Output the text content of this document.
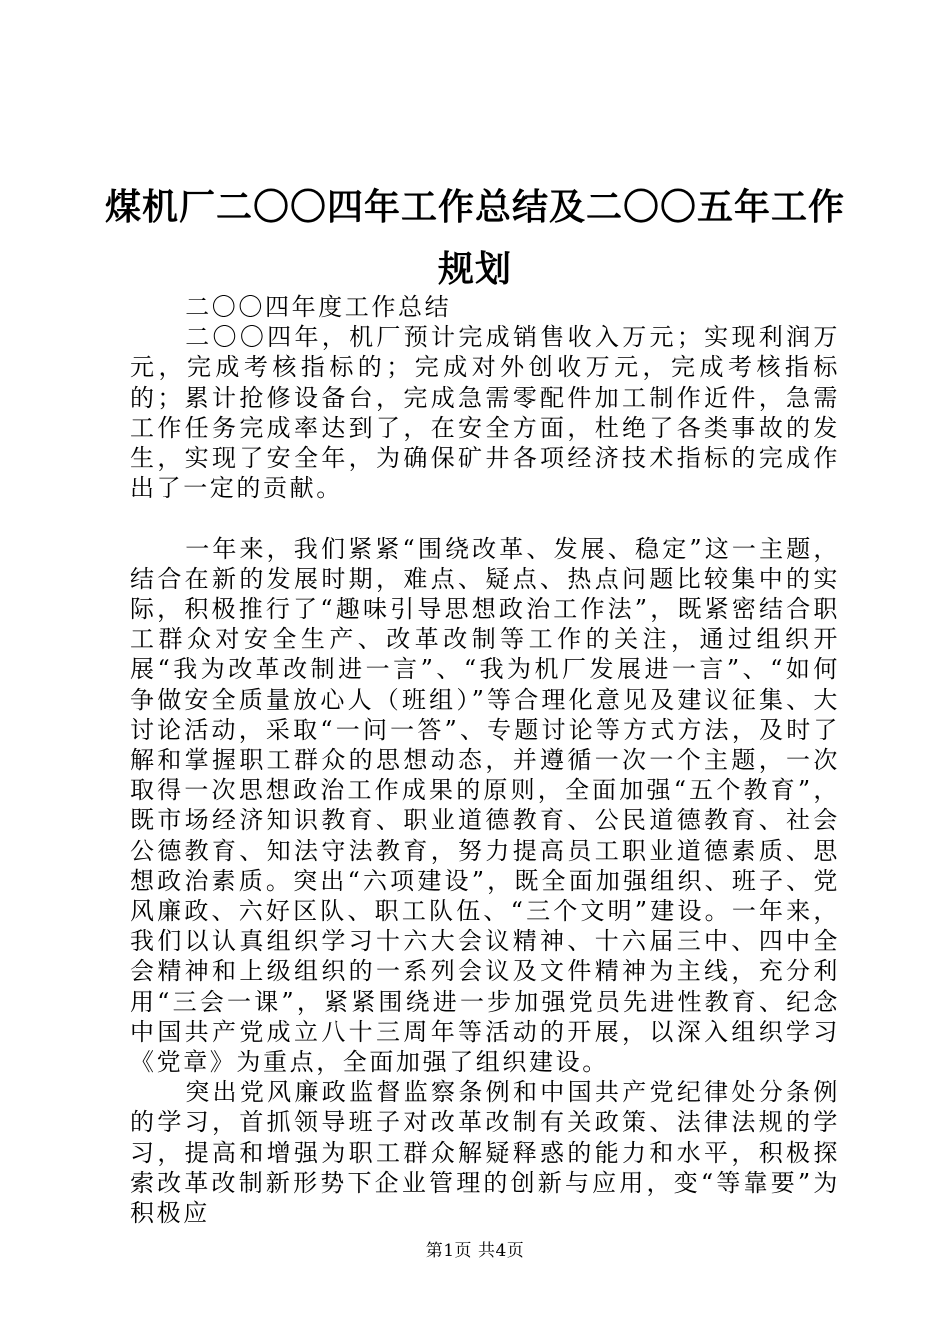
煤机厂二〇〇四年工作总结及二〇〇五年工作规划

二〇〇四年度工作总结

二〇〇四年，机厂预计完成销售收入万元；实现利润万元，完成考核指标的；完成对外创收万元，完成考核指标的；累计抢修设备台，完成急需零配件加工制作近件，急需工作任务完成率达到了，在安全方面，杜绝了各类事故的发生，实现了安全年，为确保矿井各项经济技术指标的完成作出了一定的贡献。

一年来，我们紧紧“围绕改革、发展、稳定”这一主题，结合在新的发展时期，难点、疑点、热点问题比较集中的实际，积极推行了“趣味引导思想政治工作法”，既紧密结合职工群众对安全生产、改革改制等工作的关注，通过组织开展“我为改革改制进一言”、“我为机厂发展进一言”、“如何争做安全质量放心人（班组）”等合理化意见及建议征集、大讨论活动，采取“一问一答”、专题讨论等方式方法，及时了解和掌握职工群众的思想动态，并遵循一次一个主题，一次取得一次思想政治工作成果的原则，全面加强“五个教育”，既市场经济知识教育、职业道德教育、公民道德教育、社会公德教育、知法守法教育，努力提高员工职业道德素质、思想政治素质。突出“六项建设”，既全面加强组织、班子、党风廉政、六好区队、职工队伍、“三个文明”建设。一年来，我们以认真组织学习十六大会议精神、十六届三中、四中全会精神和上级组织的一系列会议及文件精神为主线，充分利用“三会一课”，紧紧围绕进一步加强党员先进性教育、纪念中国共产党成立八十三周年等活动的开展，以深入组织学习《党章》为重点，全面加强了组织建设。

突出党风廉政监督监察条例和中国共产党纪律处分条例的学习，首抓领导班子对改革改制有关政策、法律法规的学习，提高和增强为职工群众解疑释惑的能力和水平，积极探索改革改制新形势下企业管理的创新与应用，变“等靠要”为积极应

第1页 共4页
